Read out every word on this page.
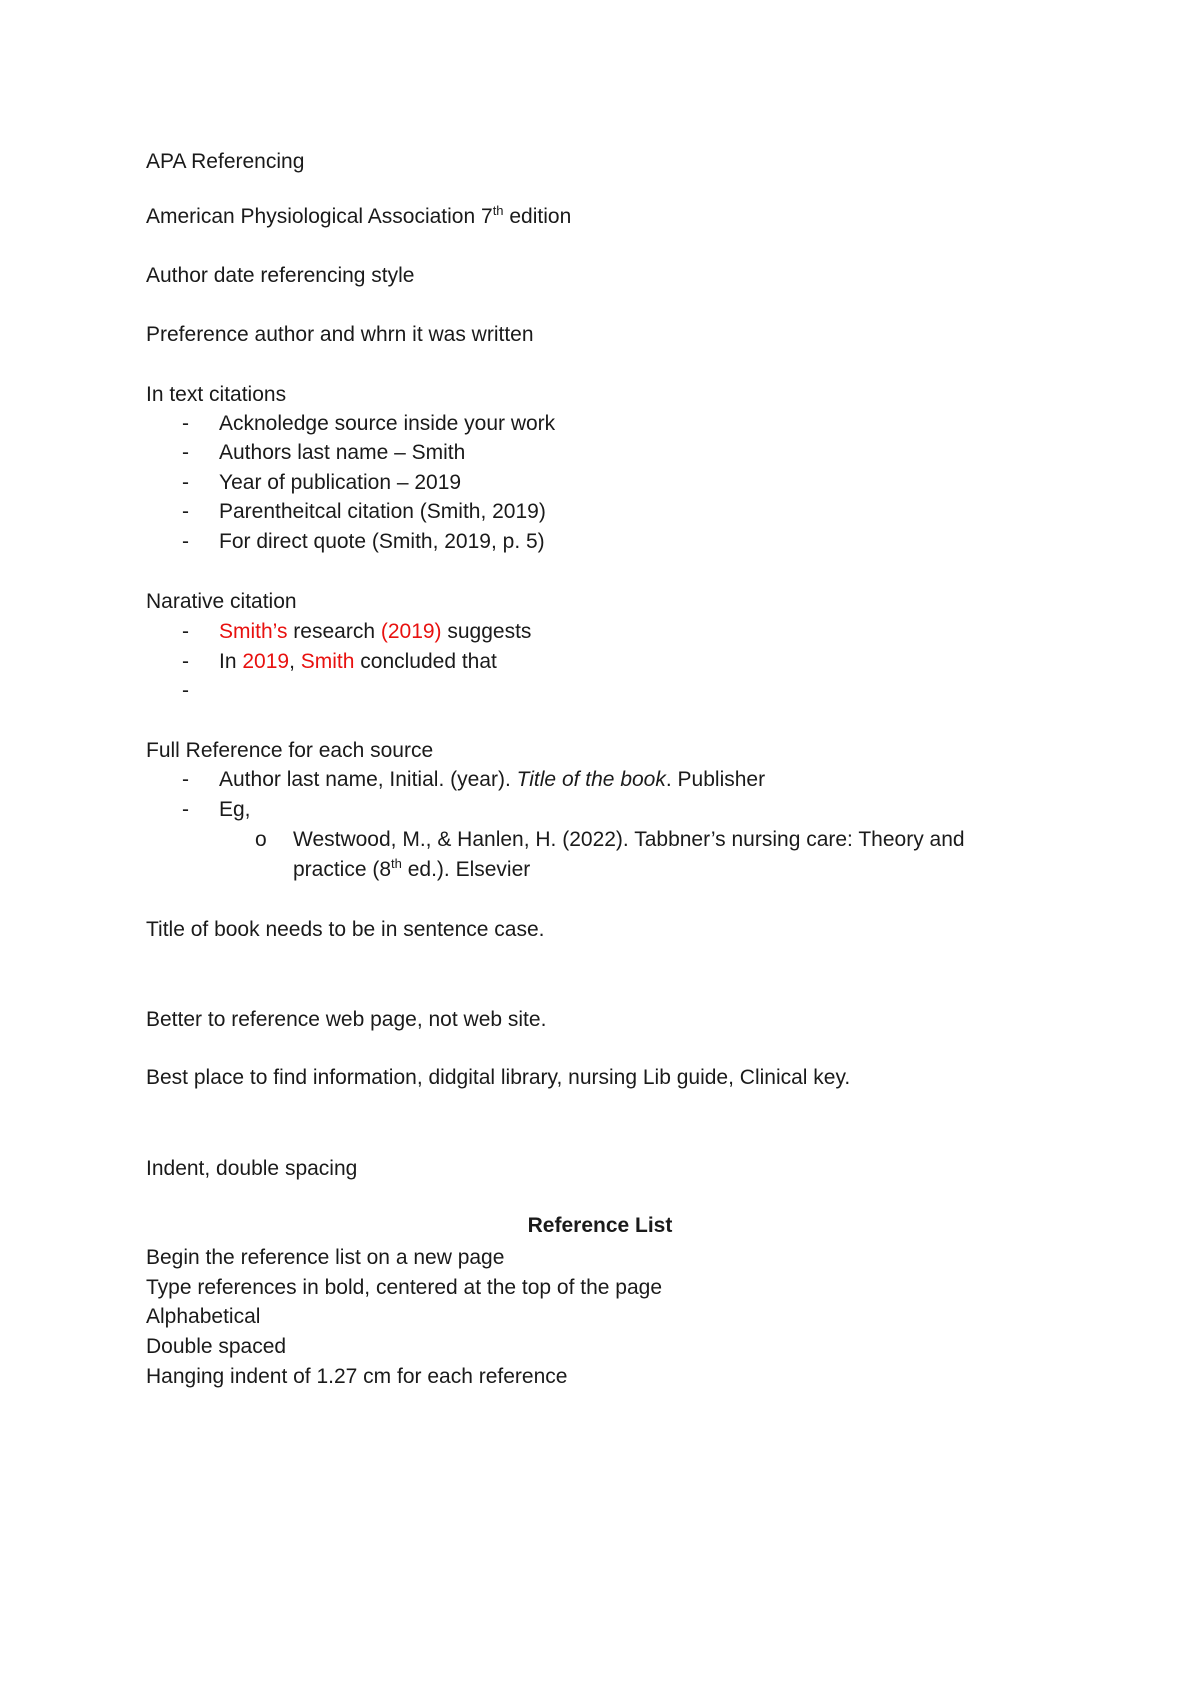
APA Referencing
American Physiological Association 7th edition
Author date referencing style
Preference author and whrn it was written
In text citations
- Acknoledge source inside your work
- Authors last name – Smith
- Year of publication – 2019
- Parentheitcal citation (Smith, 2019)
- For direct quote (Smith, 2019, p. 5)
Narative citation
- Smith’s research (2019) suggests
- In 2019, Smith concluded that
-
Full Reference for each source
- Author last name, Initial. (year). Title of the book. Publisher
- Eg,
o Westwood, M., & Hanlen, H. (2022). Tabbner’s nursing care: Theory and
practice (8th ed.). Elsevier
Title of book needs to be in sentence case.
Better to reference web page, not web site.
Best place to find information, didgital library, nursing Lib guide, Clinical key.
Indent, double spacing
Reference List
Begin the reference list on a new page
Type references in bold, centered at the top of the page
Alphabetical
Double spaced
Hanging indent of 1.27 cm for each reference
